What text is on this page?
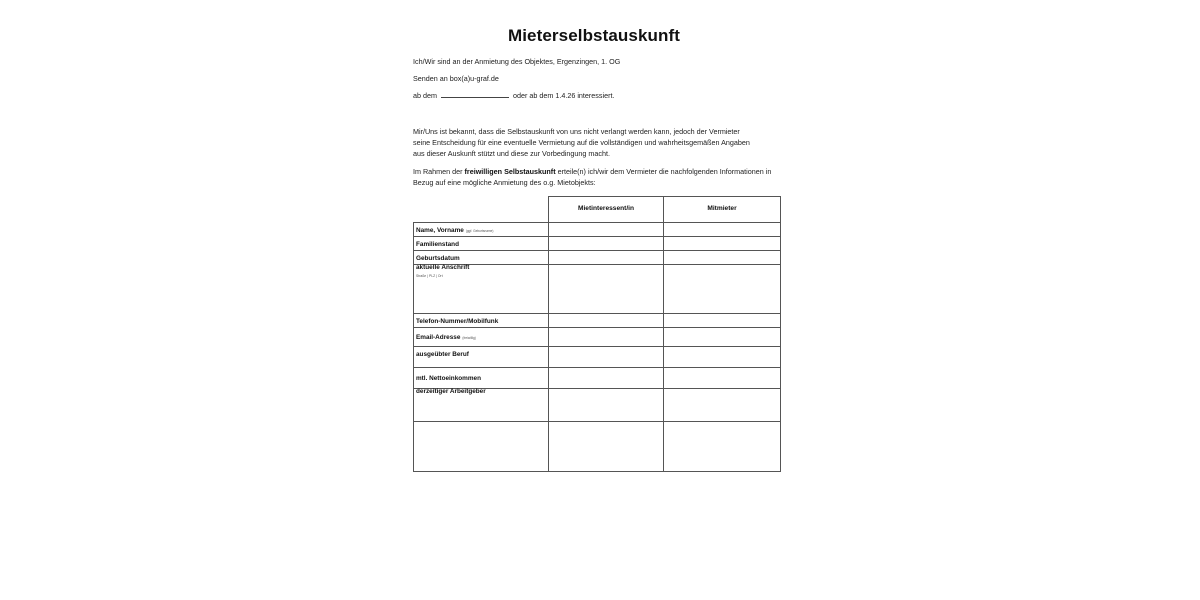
Mieterselbstauskunft
Ich/Wir sind an der Anmietung des Objektes, Ergenzingen, 1. OG
Senden an box(a)u-graf.de
ab dem	oder ab dem 1.4.26 interessiert.
Mir/Uns ist bekannt, dass die Selbstauskunft von uns nicht verlangt werden kann, jedoch der Vermieter
seine Entscheidung für eine eventuelle Vermietung auf die vollständigen und wahrheitsgemäßen Angaben
aus dieser Auskunft stützt und diese zur Vorbedingung macht.
Im Rahmen der freiwilligen Selbstauskunft erteile(n) ich/wir dem Vermieter die nachfolgenden Informationen in
Bezug auf eine mögliche Anmietung des o.g. Mietobjekts:
Mietinteressent/in	Mitmieter
Name, Vorname (ggf. Geburtsname)
Familienstand
Geburtsdatum
aktuelle Anschrift
Straße | PLZ | Ort
Telefon-Nummer/Mobilfunk
Email-Adresse (freiwillig)
ausgeübter Beruf
mtl. Nettoeinkommen
derzeitiger Arbeitgeber
